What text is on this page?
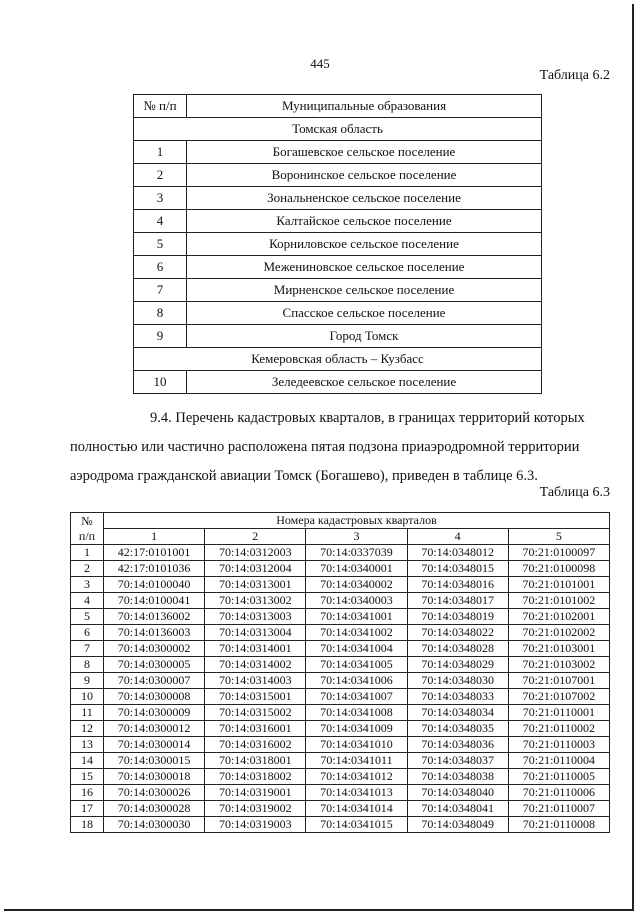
445
Таблица 6.2
№ п/п	Муниципальные образования
Томская область	
1	Богашевское сельское поселение
2	Воронинское сельское поселение
3	Зональненское сельское поселение
4	Калтайское сельское поселение
5	Корниловское сельское поселение
6	Межениновское сельское поселение
7	Мирненское сельское поселение
8	Спасское сельское поселение
9	Город Томск
Кемеровская область – Кузбасс	
10	Зеледеевское сельское поселение
9.4. Перечень кадастровых кварталов, в границах территорий которых
полностью или частично расположена пятая подзона приаэродромной территории
аэродрома гражданской авиации Томск (Богашево), приведен в таблице 6.3.
Таблица 6.3
№
п/п	Номера кадастровых кварталов				
	1	2	3	4	5
1	42:17:0101001	70:14:0312003	70:14:0337039	70:14:0348012	70:21:0100097
2	42:17:0101036	70:14:0312004	70:14:0340001	70:14:0348015	70:21:0100098
3	70:14:0100040	70:14:0313001	70:14:0340002	70:14:0348016	70:21:0101001
4	70:14:0100041	70:14:0313002	70:14:0340003	70:14:0348017	70:21:0101002
5	70:14:0136002	70:14:0313003	70:14:0341001	70:14:0348019	70:21:0102001
6	70:14:0136003	70:14:0313004	70:14:0341002	70:14:0348022	70:21:0102002
7	70:14:0300002	70:14:0314001	70:14:0341004	70:14:0348028	70:21:0103001
8	70:14:0300005	70:14:0314002	70:14:0341005	70:14:0348029	70:21:0103002
9	70:14:0300007	70:14:0314003	70:14:0341006	70:14:0348030	70:21:0107001
10	70:14:0300008	70:14:0315001	70:14:0341007	70:14:0348033	70:21:0107002
11	70:14:0300009	70:14:0315002	70:14:0341008	70:14:0348034	70:21:0110001
12	70:14:0300012	70:14:0316001	70:14:0341009	70:14:0348035	70:21:0110002
13	70:14:0300014	70:14:0316002	70:14:0341010	70:14:0348036	70:21:0110003
14	70:14:0300015	70:14:0318001	70:14:0341011	70:14:0348037	70:21:0110004
15	70:14:0300018	70:14:0318002	70:14:0341012	70:14:0348038	70:21:0110005
16	70:14:0300026	70:14:0319001	70:14:0341013	70:14:0348040	70:21:0110006
17	70:14:0300028	70:14:0319002	70:14:0341014	70:14:0348041	70:21:0110007
18	70:14:0300030	70:14:0319003	70:14:0341015	70:14:0348049	70:21:0110008
